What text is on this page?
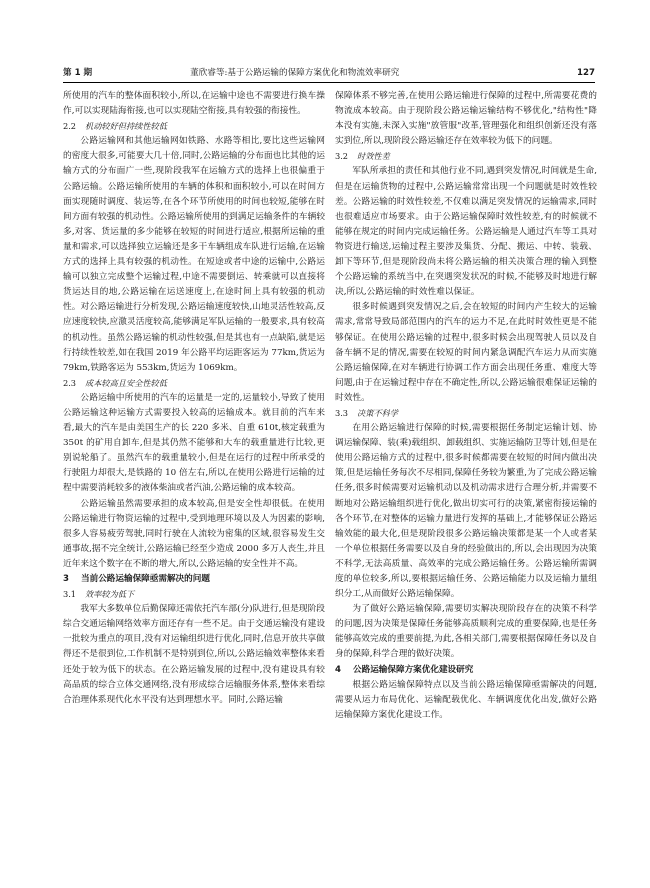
第 1 期	董欣睿等:基于公路运输的保障方案优化和物流效率研究	127

所使用的汽车的整体面积较小,所以,在运输中途也不需要进行换车操作,可以实现陆海衔接,也可以实现陆空衔接,具有较强的衔接性。

2.2 机动较好但持续性较低

公路运输网和其他运输网如铁路、水路等相比,要比这些运输网的密度大很多,可能要大几十倍,同时,公路运输的分布面也比其他的运输方式的分布面广一些,现阶段我军在运输方式的选择上也很偏重于公路运输。公路运输所使用的车辆的体积和面积较小,可以在时间方面实现随时调度、装运等,在各个环节所使用的时间也较短,能够在时间方面有较强的机动性。公路运输所使用的到满足运输条件的车辆较多,对客、货运量的多少能够在较短的时间进行适应,根据所运输的重量和需求,可以选择独立运输还是多干车辆组成车队进行运输,在运输方式的选择上具有较强的机动性。在短途或者中途的运输中,公路运输可以独立完成整个运输过程,中途不需要倒运、转乘就可以直接将货运达目的地,公路运输在运送速度上,在途时间上具有较强的机动性。对公路运输进行分析发现,公路运输速度较快,山地灵活性较高,反应速度较快,应激灵活度较高,能够满足军队运输的一般要求,具有较高的机动性。虽然公路运输的机动性较强,但是其也有一点缺陷,就是运行持续性较差,如在我国 2019 年公路平均运距客运为 77km,货运为 79km,铁路客运为 553km,货运为 1069km。

2.3 成本较高且安全性较低

公路运输中所使用的汽车的运量是一定的,运量较小,导致了使用公路运输这种运输方式需要投入较高的运输成本。就目前的汽车来看,最大的汽车是由美国生产的长 220 多米、自重 610t,核定载重为 350t 的矿用自卸车,但是其仍然不能够和大车的载重量进行比较,更别说轮船了。虽然汽车的载重量较小,但是在运行的过程中所承受的行驶阻力却很大,是铁路的 10 倍左右,所以,在使用公路进行运输的过程中需要消耗较多的液体柴油或者汽油,公路运输的成本较高。

公路运输虽然需要承担的成本较高,但是安全性却很低。在使用公路运输进行物资运输的过程中,受到地理环境以及人为因素的影响,很多人容易疲劳驾驶,同时行驶在人流较为密集的区域,很容易发生交通事故,据不完全统计,公路运输已经至少造成 2000 多万人丧生,并且近年来这个数字在不断的增大,所以,公路运输的安全性并不高。

3 当前公路运输保障亟需解决的问题
3.1 效率较为低下

我军大多数单位后勤保障还需依托汽车部(分)队进行,但是现阶段综合交通运输网络效率方面还存有一些不足。由于交通运输没有建设一批较为重点的项目,没有对运输组织进行优化,同时,信息开放共享做得还不是很到位,工作机制不是特别到位,所以,公路运输效率整体来看还处于较为低下的状态。在公路运输发展的过程中,没有建设具有较高品质的综合立体交通网络,没有形成综合运输服务体系,整体来看综合治理体系现代化水平没有达到理想水平。同时,公路运输

保障体系不够完善,在使用公路运输进行保障的过程中,所需要花费的物流成本较高。由于现阶段公路运输运输结构不够优化,"结构性"降本没有实施,未深入实施"放管服"改革,管理强化和组织创新还没有落实到位,所以,现阶段公路运输还存在效率较为低下的问题。

3.2 时效性差

军队所承担的责任和其他行业不同,遇到突发情况,时间就是生命,但是在运输货物的过程中,公路运输常常出现一个问题就是时效性较差。公路运输的时效性较差,不仅难以满足突发情况的运输需求,同时也很难适应市场要求。由于公路运输保障时效性较差,有的时候就不能够在规定的时间内完成运输任务。公路运输是人通过汽车等工具对物资进行输送,运输过程主要涉及集货、分配、搬运、中转、装载、卸下等环节,但是现阶段尚未将公路运输的相关决策合理的输入到整个公路运输的系统当中,在突遇突发状况的时候,不能够及时地进行解决,所以,公路运输的时效性难以保证。

很多时候遇到突发情况之后,会在较短的时间内产生较大的运输需求,常常导致局部范围内的汽车的运力不足,在此时时效性更是不能够保证。在使用公路运输的过程中,很多时候会出现驾驶人员以及自备车辆不足的情况,需要在较短的时间内紧急调配汽车运力从而实施公路运输保障,在对车辆进行协调工作方面会出现任务重、难度大等问题,由于在运输过程中存在不确定性,所以,公路运输很难保证运输的时效性。

3.3 决策不科学

在用公路运输进行保障的时候,需要根据任务制定运输计划、协调运输保障、装(乘)载组织、卸载组织、实施运输防卫等计划,但是在使用公路运输方式的过程中,很多时候都需要在较短的时间内做出决策,但是运输任务每次不尽相同,保障任务较为繁重,为了完成公路运输任务,很多时候需要对运输机动以及机动需求进行合理分析,并需要不断地对公路运输组织进行优化,做出切实可行的决策,紧密衔接运输的各个环节,在对整体的运输力量进行发挥的基础上,才能够保证公路运输效能的最大化,但是现阶段很多公路运输决策都是某一个人或者某一个单位根据任务需要以及自身的经验做出的,所以,会出现因为决策不科学,无法高质量、高效率的完成公路运输任务。公路运输所需调度的单位较多,所以,要根据运输任务、公路运输能力以及运输力量组织分工,从而做好公路运输保障。

为了做好公路运输保障,需要切实解决现阶段存在的决策不科学的问题,因为决策是保障任务能够高质顺利完成的重要保障,也是任务能够高效完成的重要前提,为此,各相关部门,需要根据保障任务以及自身的保障,科学合理的做好决策。

4 公路运输保障方案优化建设研究

根据公路运输保障特点以及当前公路运输保障亟需解决的问题,需要从运力布局优化、运输配载优化、车辆调度优化出发,做好公路运输保障方案优化建设工作。
